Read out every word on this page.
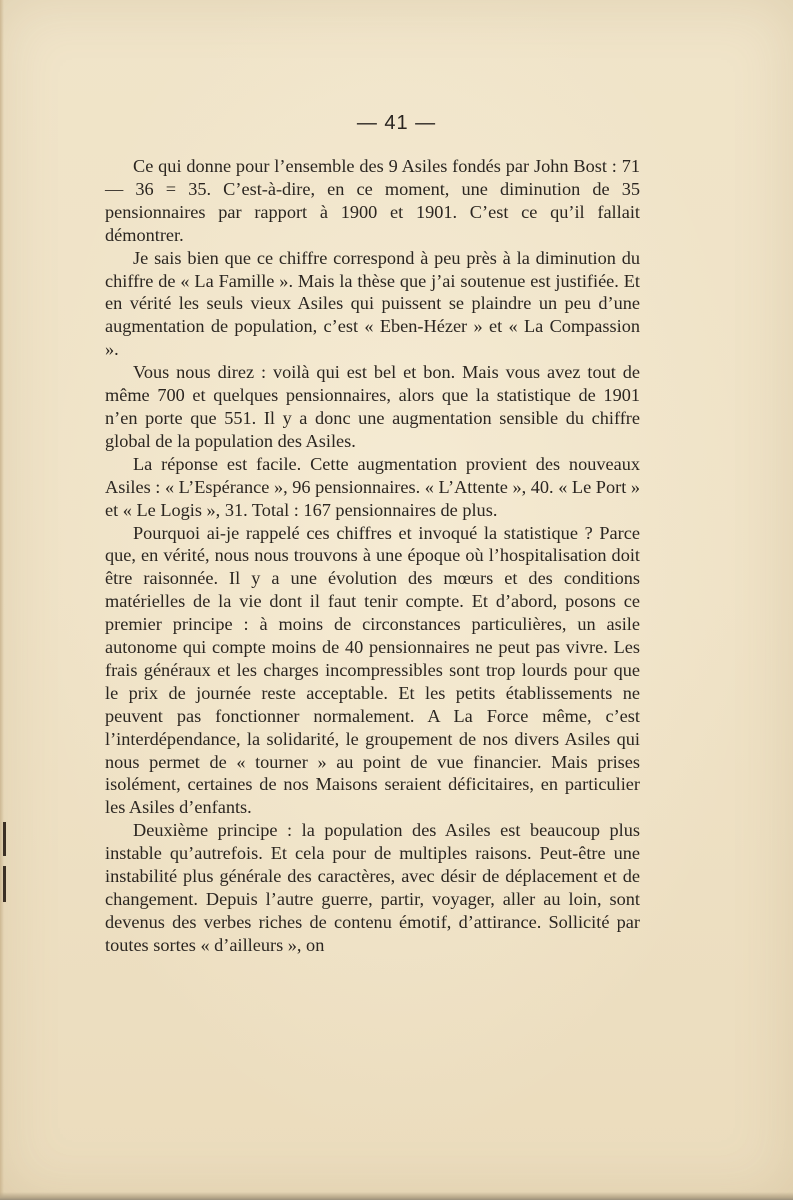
— 41 —

Ce qui donne pour l’ensemble des 9 Asiles fondés par John Bost : 71 — 36 = 35. C’est-à-dire, en ce moment, une diminution de 35 pensionnaires par rapport à 1900 et 1901. C’est ce qu’il fallait démontrer.

Je sais bien que ce chiffre correspond à peu près à la diminution du chiffre de « La Famille ». Mais la thèse que j’ai soutenue est justifiée. Et en vérité les seuls vieux Asiles qui puissent se plaindre un peu d’une augmentation de population, c’est « Eben-Hézer » et « La Compassion ».

Vous nous direz : voilà qui est bel et bon. Mais vous avez tout de même 700 et quelques pensionnaires, alors que la statistique de 1901 n’en porte que 551. Il y a donc une augmentation sensible du chiffre global de la population des Asiles.

La réponse est facile. Cette augmentation provient des nouveaux Asiles : « L’Espérance », 96 pensionnaires. « L’Attente », 40. « Le Port » et « Le Logis », 31. Total : 167 pensionnaires de plus.

Pourquoi ai-je rappelé ces chiffres et invoqué la statistique ? Parce que, en vérité, nous nous trouvons à une époque où l’hospitalisation doit être raisonnée. Il y a une évolution des mœurs et des conditions matérielles de la vie dont il faut tenir compte. Et d’abord, posons ce premier principe : à moins de circonstances particulières, un asile autonome qui compte moins de 40 pensionnaires ne peut pas vivre. Les frais généraux et les charges incompressibles sont trop lourds pour que le prix de journée reste acceptable. Et les petits établissements ne peuvent pas fonctionner normalement. A La Force même, c’est l’interdépendance, la solidarité, le groupement de nos divers Asiles qui nous permet de « tourner » au point de vue financier. Mais prises isolément, certaines de nos Maisons seraient déficitaires, en particulier les Asiles d’enfants.

Deuxième principe : la population des Asiles est beaucoup plus instable qu’autrefois. Et cela pour de multiples raisons. Peut-être une instabilité plus générale des caractères, avec désir de déplacement et de changement. Depuis l’autre guerre, partir, voyager, aller au loin, sont devenus des verbes riches de contenu émotif, d’attirance. Sollicité par toutes sortes « d’ailleurs », on
